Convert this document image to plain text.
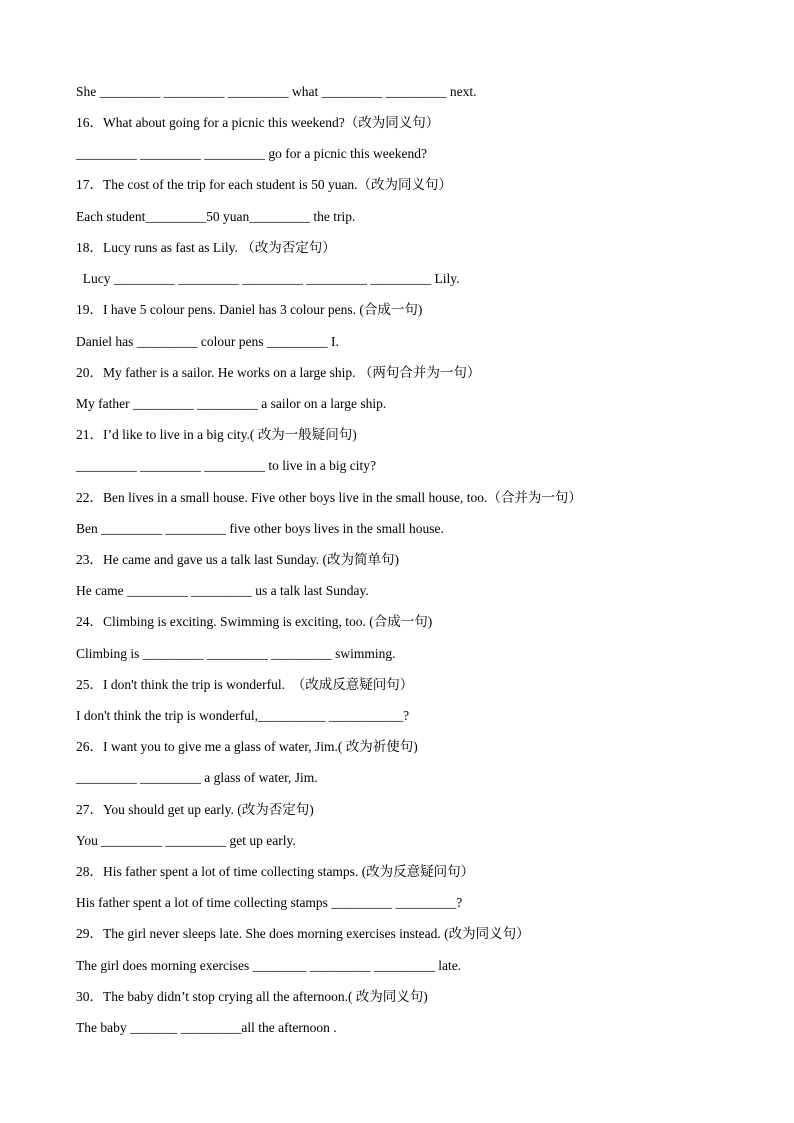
She _________ _________ _________ what _________ _________ next.
16．What about going for a picnic this weekend?（改为同义句）
_________ _________ _________ go for a picnic this weekend?
17．The cost of the trip for each student is 50 yuan.（改为同义句）
Each student_________50 yuan_________ the trip.
18．Lucy runs as fast as Lily. （改为否定句）
Lucy _________ _________ _________ _________ _________ Lily.
19．I have 5 colour pens. Daniel has 3 colour pens. (合成一句)
Daniel has _________ colour pens _________ I.
20．My father is a sailor. He works on a large ship. （两句合并为一句）
My father _________ _________ a sailor on a large ship.
21．I’d like to live in a big city.( 改为一般疑问句)
_________ _________ _________ to live in a big city?
22．Ben lives in a small house. Five other boys live in the small house, too.（合并为一句）
Ben _________ _________ five other boys lives in the small house.
23．He came and gave us a talk last Sunday. (改为简单句)
He came _________ _________ us a talk last Sunday.
24．Climbing is exciting. Swimming is exciting, too. (合成一句)
Climbing is _________ _________ _________ swimming.
25．I don't think the trip is wonderful.  （改成反意疑问句）
I don't think the trip is wonderful,__________ ___________?
26．I want you to give me a glass of water, Jim.( 改为祈使句)
_________ _________ a glass of water, Jim.
27．You should get up early. (改为否定句)
You _________ _________ get up early.
28．His father spent a lot of time collecting stamps. (改为反意疑问句）
His father spent a lot of time collecting stamps _________ _________?
29．The girl never sleeps late. She does morning exercises instead. (改为同义句）
The girl does morning exercises ________ _________ _________ late.
30．The baby didn’t stop crying all the afternoon.( 改为同义句)
The baby _______ _________all the afternoon .
